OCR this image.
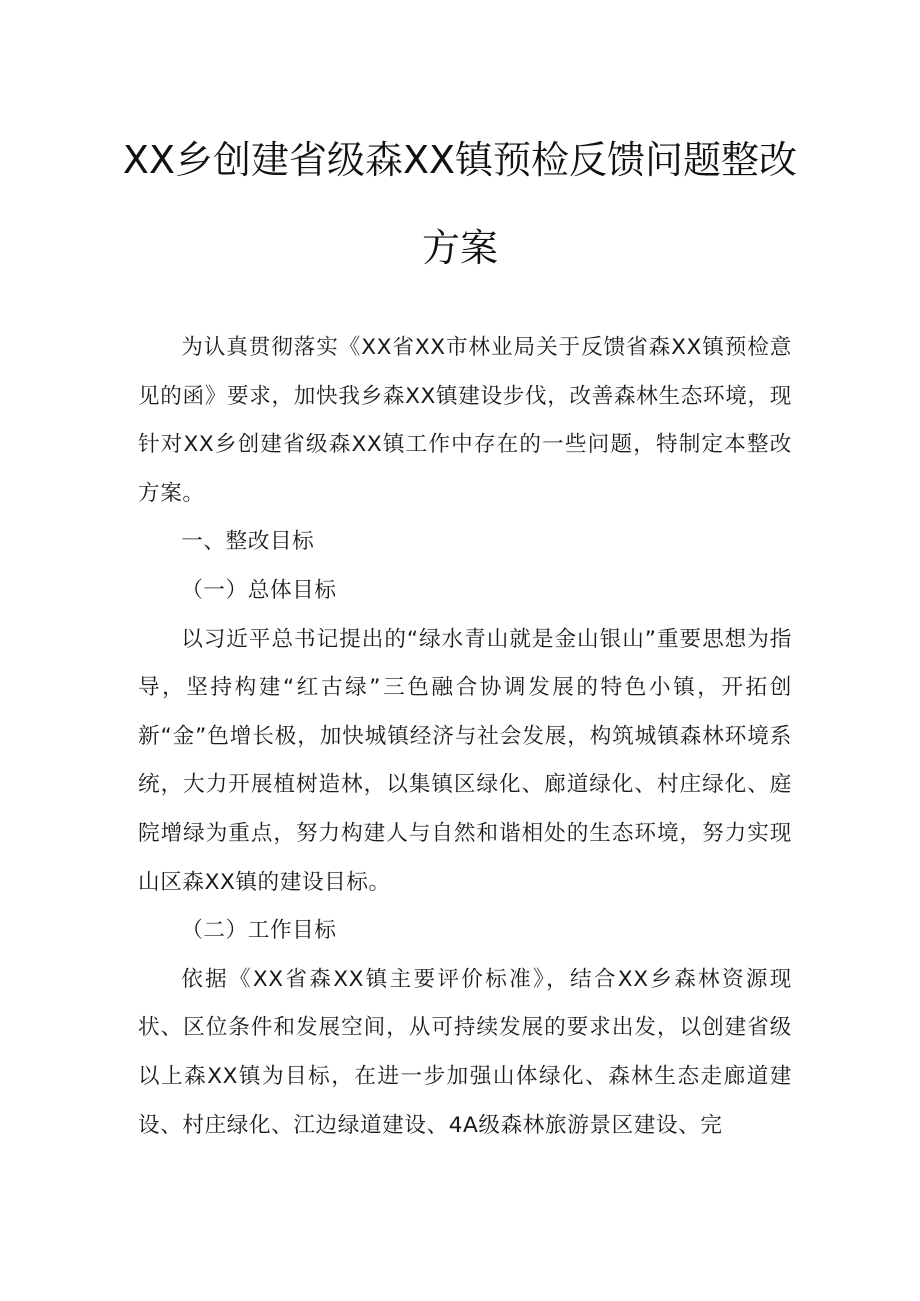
XX乡创建省级森XX镇预检反馈问题整改
方案

为认真贯彻落实《XX省XX市林业局关于反馈省森XX镇预检意见的函》要求，加快我乡森XX镇建设步伐，改善森林生态环境，现针对XX乡创建省级森XX镇工作中存在的一些问题，特制定本整改方案。

一、整改目标

（一）总体目标

以习近平总书记提出的“绿水青山就是金山银山”重要思想为指导，坚持构建“红古绿”三色融合协调发展的特色小镇，开拓创新“金”色增长极，加快城镇经济与社会发展，构筑城镇森林环境系统，大力开展植树造林，以集镇区绿化、廊道绿化、村庄绿化、庭院增绿为重点，努力构建人与自然和谐相处的生态环境，努力实现山区森XX镇的建设目标。

（二）工作目标

依据《XX省森XX镇主要评价标准》，结合XX乡森林资源现状、区位条件和发展空间，从可持续发展的要求出发，以创建省级以上森XX镇为目标，在进一步加强山体绿化、森林生态走廊道建设、村庄绿化、江边绿道建设、4A级森林旅游景区建设、完
